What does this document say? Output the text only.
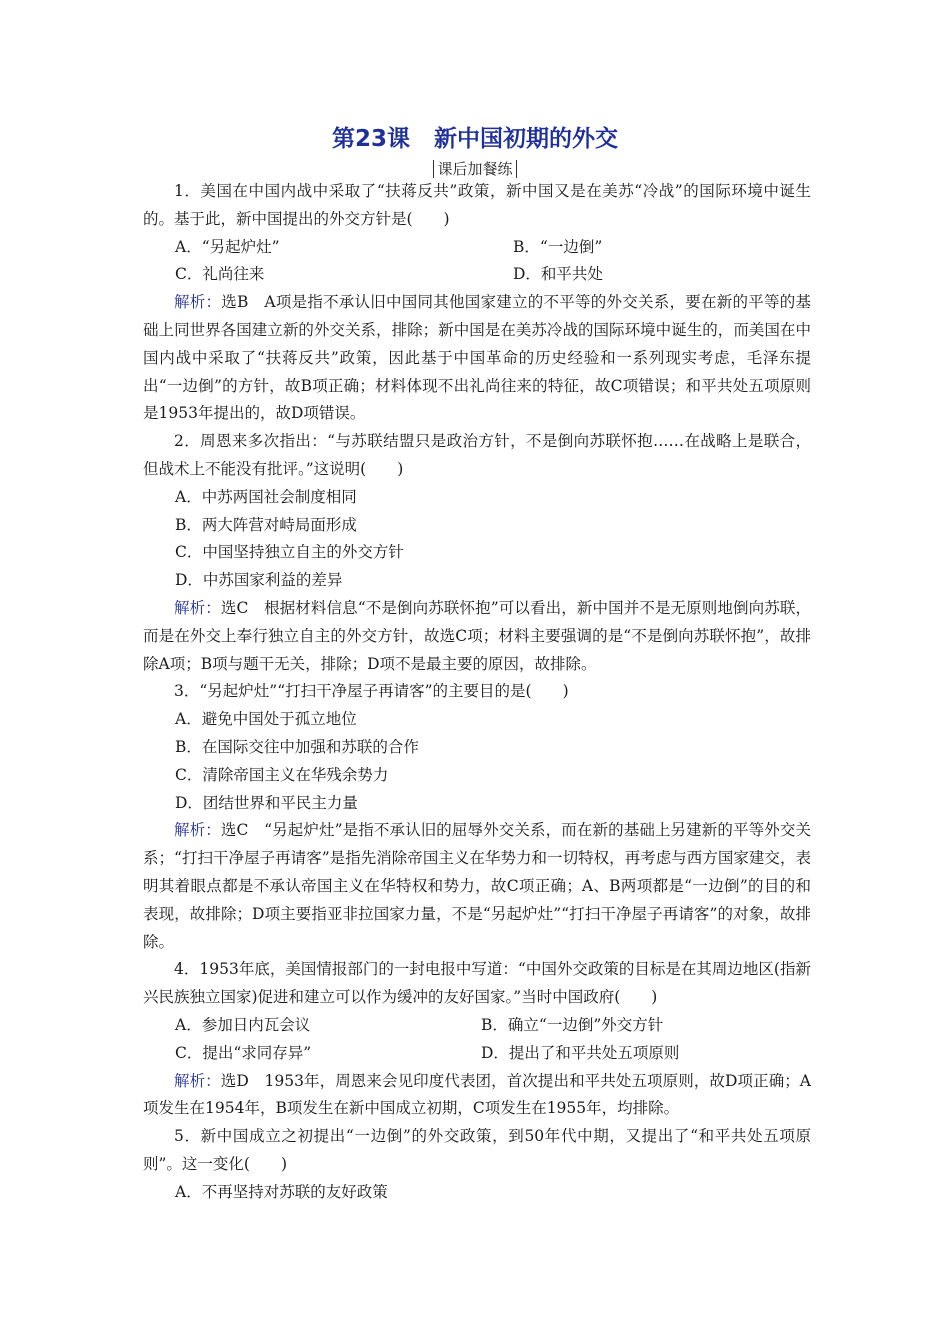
第23课 新中国初期的外交
课后加餐练

1．美国在中国内战中采取了“扶蒋反共”政策，新中国又是在美苏“冷战”的国际环境中诞生的。基于此，新中国提出的外交方针是(　　)

A．“另起炉灶”	B．“一边倒”
C．礼尚往来	D．和平共处

解析：选B　A项是指不承认旧中国同其他国家建立的不平等的外交关系，要在新的平等的基础上同世界各国建立新的外交关系，排除；新中国是在美苏冷战的国际环境中诞生的，而美国在中国内战中采取了“扶蒋反共”政策，因此基于中国革命的历史经验和一系列现实考虑，毛泽东提出“一边倒”的方针，故B项正确；材料体现不出礼尚往来的特征，故C项错误；和平共处五项原则是1953年提出的，故D项错误。

2．周恩来多次指出：“与苏联结盟只是政治方针，不是倒向苏联怀抱……在战略上是联合，但战术上不能没有批评。”这说明(　　)

A．中苏两国社会制度相同

B．两大阵营对峙局面形成

C．中国坚持独立自主的外交方针

D．中苏国家利益的差异

解析：选C　根据材料信息“不是倒向苏联怀抱”可以看出，新中国并不是无原则地倒向苏联，而是在外交上奉行独立自主的外交方针，故选C项；材料主要强调的是“不是倒向苏联怀抱”，故排除A项；B项与题干无关，排除；D项不是最主要的原因，故排除。

3．“另起炉灶”“打扫干净屋子再请客”的主要目的是(　　)

A．避免中国处于孤立地位

B．在国际交往中加强和苏联的合作

C．清除帝国主义在华残余势力

D．团结世界和平民主力量

解析：选C　“另起炉灶”是指不承认旧的屈辱外交关系，而在新的基础上另建新的平等外交关系；“打扫干净屋子再请客”是指先消除帝国主义在华势力和一切特权，再考虑与西方国家建交，表明其着眼点都是不承认帝国主义在华特权和势力，故C项正确；A、B两项都是“一边倒”的目的和表现，故排除；D项主要指亚非拉国家力量，不是“另起炉灶”“打扫干净屋子再请客”的对象，故排除。

4．1953年底，美国情报部门的一封电报中写道：“中国外交政策的目标是在其周边地区(指新兴民族独立国家)促进和建立可以作为缓冲的友好国家。”当时中国政府(　　)

A．参加日内瓦会议	B．确立“一边倒”外交方针
C．提出“求同存异”	D．提出了和平共处五项原则

解析：选D　1953年，周恩来会见印度代表团，首次提出和平共处五项原则，故D项正确；A项发生在1954年，B项发生在新中国成立初期，C项发生在1955年，均排除。

5．新中国成立之初提出“一边倒”的外交政策，到50年代中期，又提出了“和平共处五项原则”。这一变化(　　)

A．不再坚持对苏联的友好政策
